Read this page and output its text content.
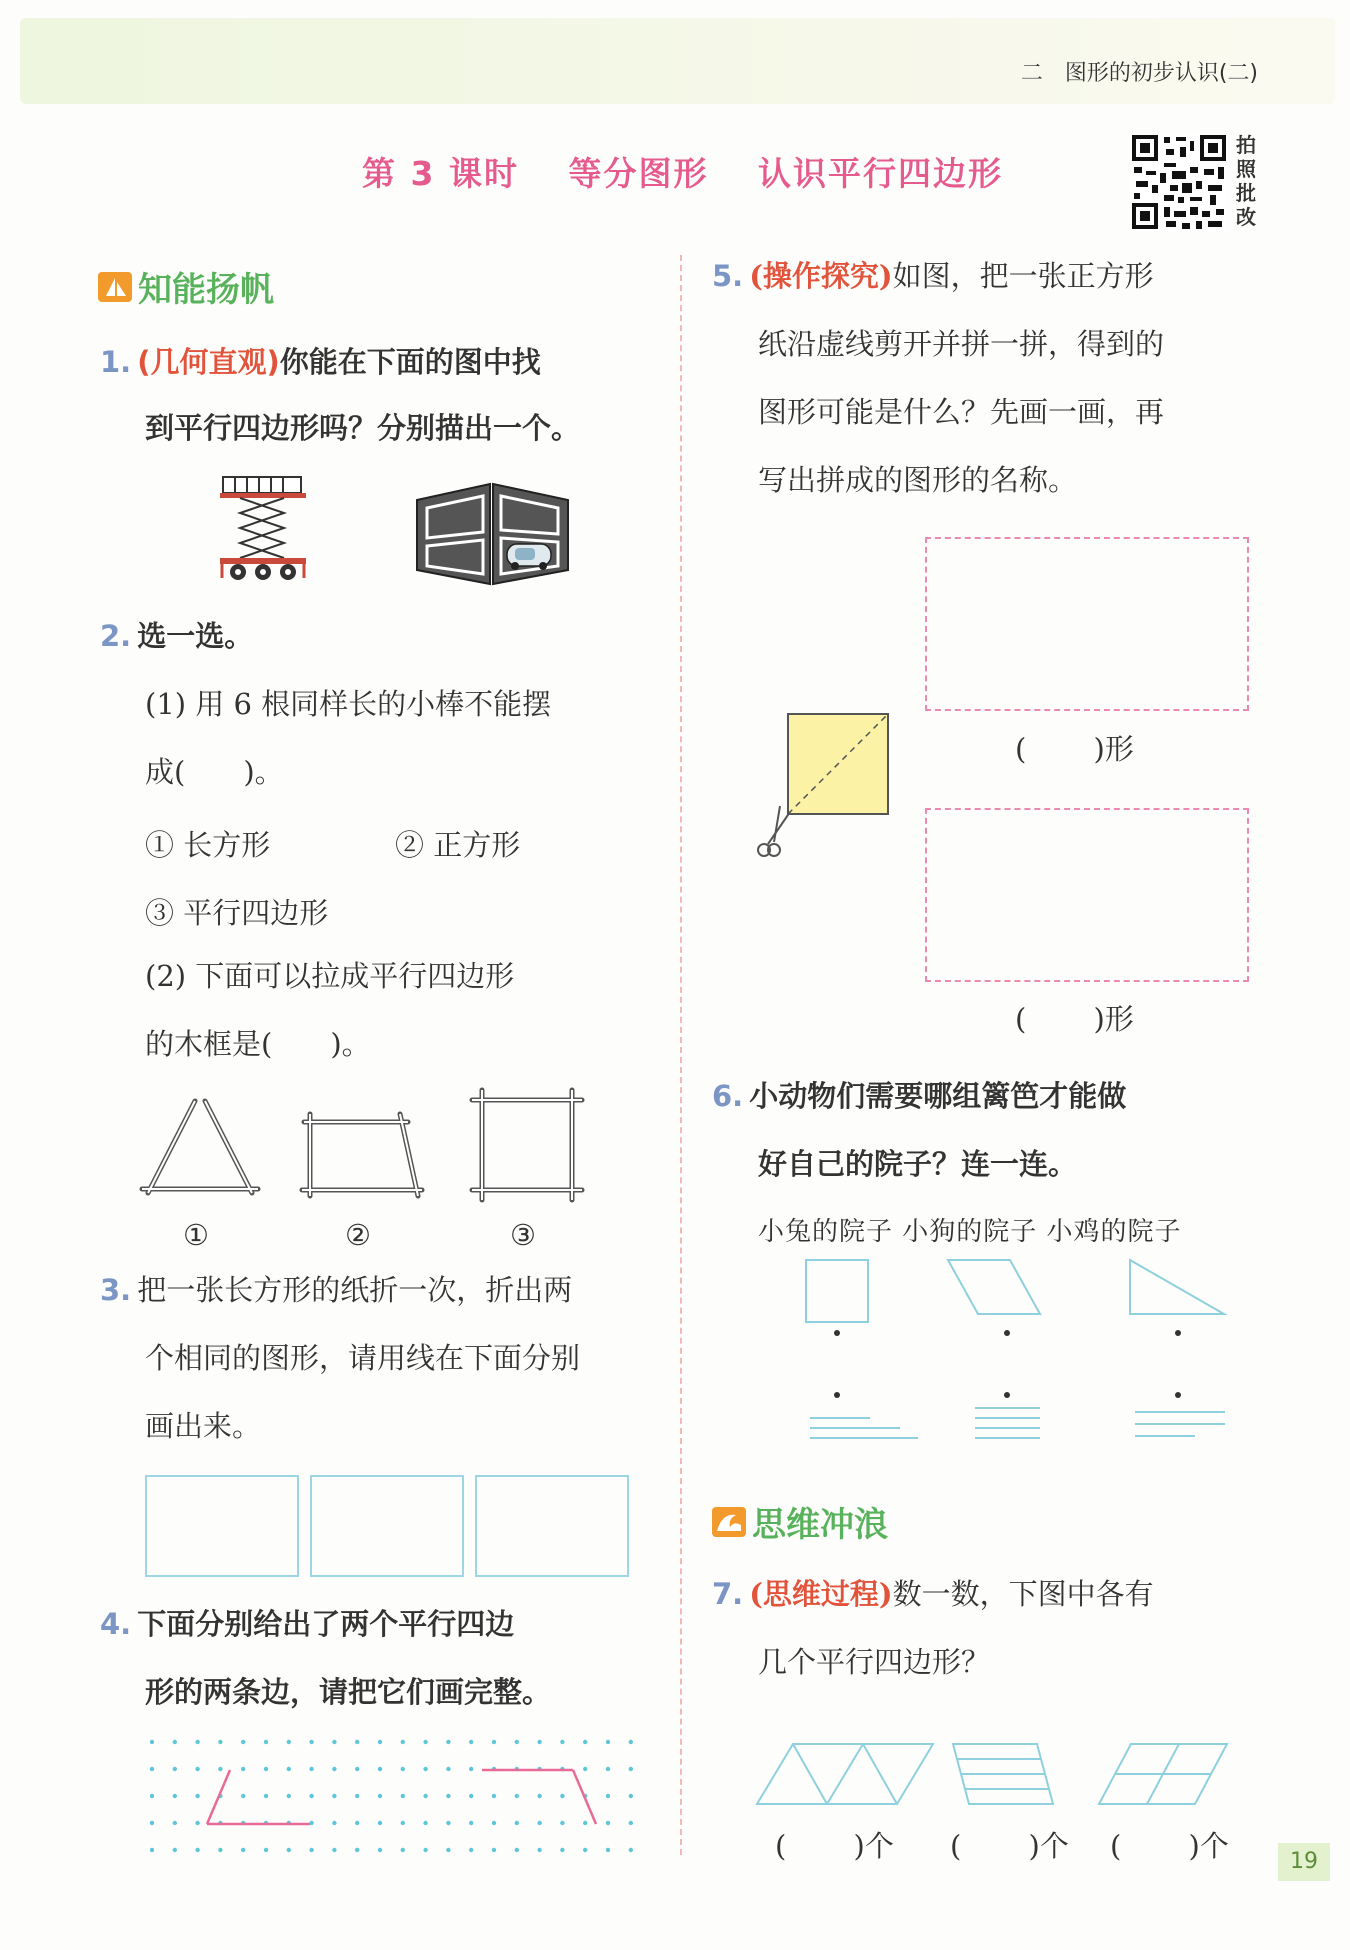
二　图形的初步认识(二)
第 3 课时 等分图形 认识平行四边形
拍
照
批
改
知能扬帆
1. (几何直观)你能在下面的图中找
到平行四边形吗？分别描出一个。
2. 选一选。
(1) 用 6 根同样长的小棒不能摆
成(　　)。
① 长方形	② 正方形
③ 平行四边形
(2) 下面可以拉成平行四边形
的木框是(　　)。
①	②	③
3. 把一张长方形的纸折一次，折出两
个相同的图形，请用线在下面分别
画出来。
4. 下面分别给出了两个平行四边
形的两条边，请把它们画完整。
思维冲浪
5. (操作探究)如图，把一张正方形
纸沿虚线剪开并拼一拼，得到的
图形可能是什么？先画一画，再
写出拼成的图形的名称。
(　　 )形
(　　 )形
6. 小动物们需要哪组篱笆才能做
好自己的院子？连一连。
小兔的院子 小狗的院子 小鸡的院子
7. (思维过程)数一数，下图中各有
几个平行四边形？
(　　 )个 (　　 )个 (　　 )个	19
